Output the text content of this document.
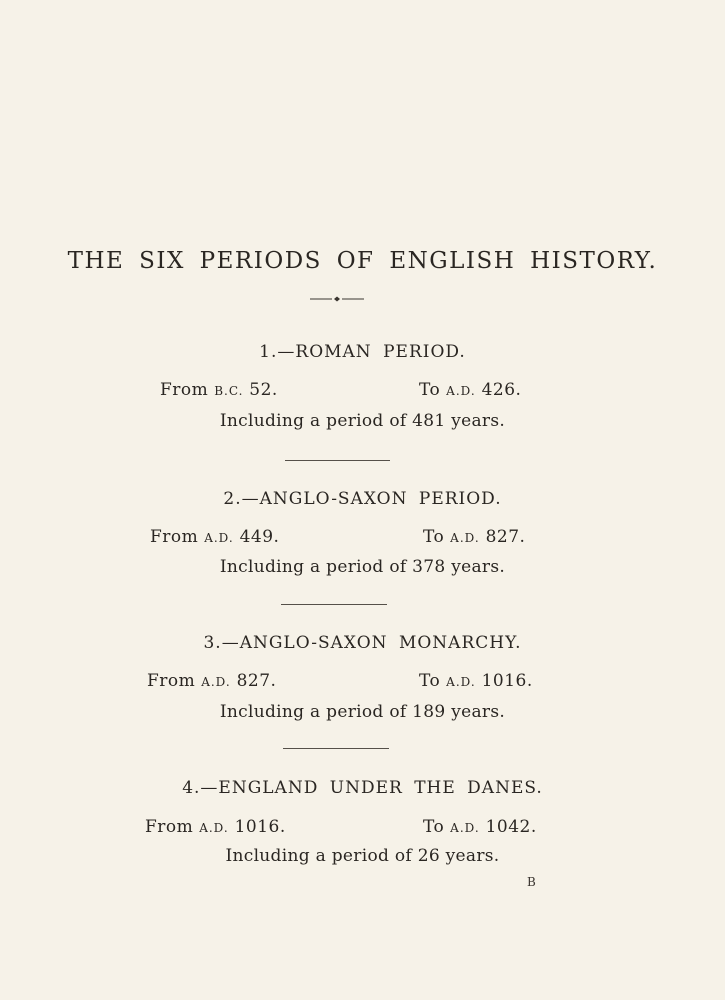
THE SIX PERIODS OF ENGLISH HISTORY.
1.—ROMAN PERIOD.
From B.C. 52.	To A.D. 426.
Including a period of 481 years.
2.—ANGLO-SAXON PERIOD.
From A.D. 449.	To A.D. 827.
Including a period of 378 years.
3.—ANGLO-SAXON MONARCHY.
From A.D. 827.	To A.D. 1016.
Including a period of 189 years.
4.—ENGLAND UNDER THE DANES.
From A.D. 1016.	To A.D. 1042.
Including a period of 26 years.
B
